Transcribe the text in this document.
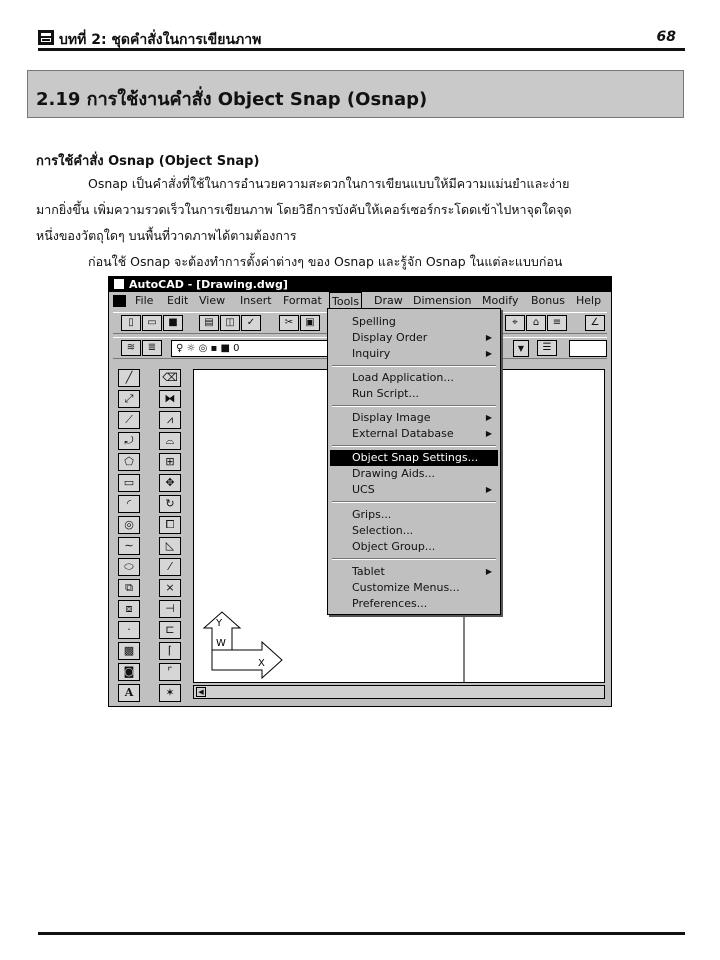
บทที่ 2: ชุดคำสั่งในการเขียนภาพ	68
2.19 การใช้งานคำสั่ง Object Snap (Osnap)
การใช้คำสั่ง Osnap (Object Snap)
Osnap เป็นคำสั่งที่ใช้ในการอำนวยความสะดวกในการเขียนแบบให้มีความแม่นยำและง่าย
มากยิ่งขึ้น เพิ่มความรวดเร็วในการเขียนภาพ โดยวิธีการบังคับให้เคอร์เซอร์กระโดดเข้าไปหาจุดใดจุด
หนึ่งของวัตถุใดๆ บนพื้นที่วาดภาพได้ตามต้องการ
ก่อนใช้ Osnap จะต้องทำการตั้งค่าต่างๆ ของ Osnap และรู้จัก Osnap ในแต่ละแบบก่อน
AutoCAD - [Drawing.dwg]
File Edit View Insert Format Tools Draw Dimension Modify Bonus Help
▯	▭	■	▤	◫	✓	✂	▣	⌖	⌂	≡	∠
≋	≣	♀ ☼ ◎ ▪ ■ 0	▼	☰
╱
⤢
⟋
⤾
⬠
▭
◜
◎
∼
⬭
⧉
⧈
·
▩
◙
A
⌫
⧓
⩘
⌓
⊞
✥
↻
⧠
◺
⁄
⨯
⊣
⊏
⌈
⌜
✶
Y
W
X
◀
Spelling
Display Order	▶
Inquiry	▶
Load Application...
Run Script...
Display Image	▶
External Database	▶
Object Snap Settings...
Drawing Aids...
UCS	▶
Grips...
Selection...
Object Group...
Tablet	▶
Customize Menus...
Preferences...
